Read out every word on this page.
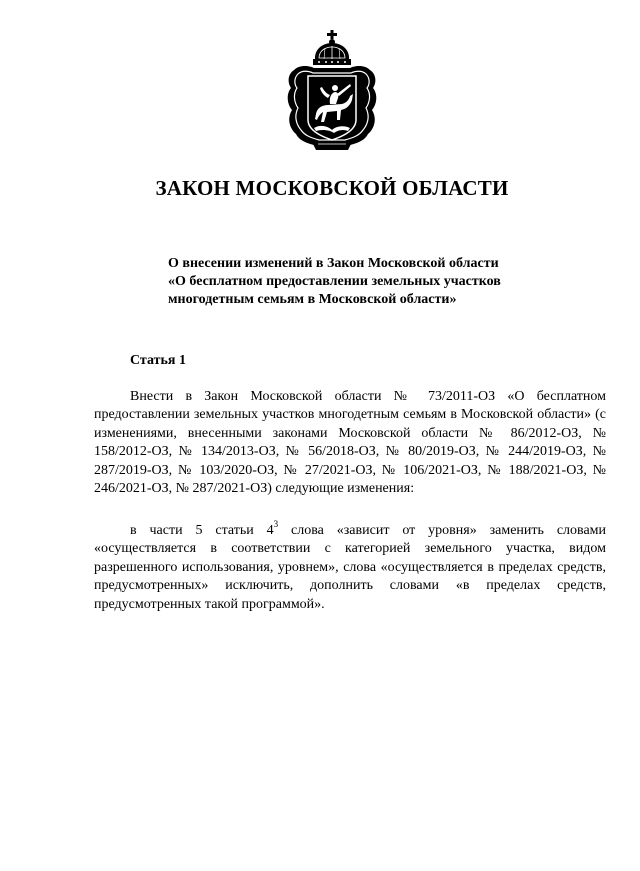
ЗАКОН МОСКОВСКОЙ ОБЛАСТИ
О внесении изменений в Закон Московской области
«О бесплатном предоставлении земельных участков
многодетным семьям в Московской области»
Статья 1

Внести в Закон Московской области № 73/2011-ОЗ «О бесплатном предоставлении земельных участков многодетным семьям в Московской области» (с изменениями, внесенными законами Московской области № 86/2012-ОЗ, № 158/2012-ОЗ, № 134/2013-ОЗ, № 56/2018-ОЗ, № 80/2019-ОЗ, № 244/2019-ОЗ, № 287/2019-ОЗ, № 103/2020-ОЗ, № 27/2021-ОЗ, № 106/2021-ОЗ, № 188/2021-ОЗ, № 246/2021-ОЗ, № 287/2021-ОЗ) следующие изменения:

в части 5 статьи $4^3$ слова «зависит от уровня» заменить словами «осуществляется в соответствии с категорией земельного участка, видом разрешенного использования, уровнем», слова «осуществляется в пределах средств, предусмотренных» исключить, дополнить словами «в пределах средств, предусмотренных такой программой».
